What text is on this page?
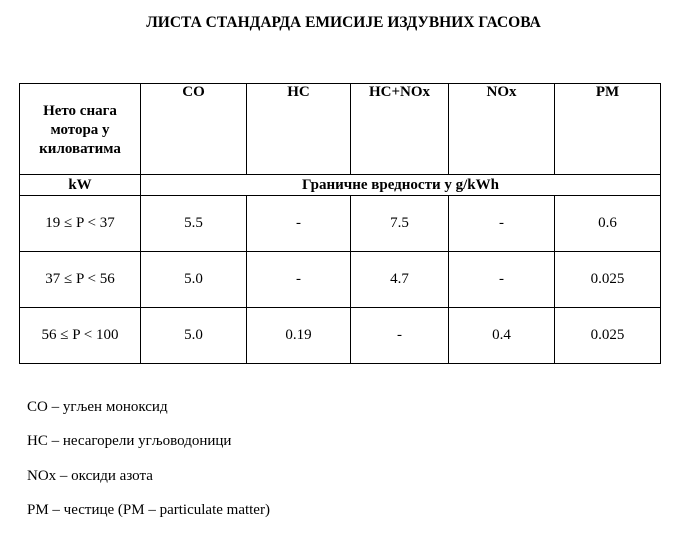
ЛИСТА СТАНДАРДА ЕМИСИЈЕ ИЗДУВНИХ ГАСОВА
Нето снага
мотора у
киловатима	CO	HC	HC+NOx	NOx	PM
kW	Граничне вредности у g/kWh				
19 ≤ P < 37	5.5	-	7.5	-	0.6
37 ≤ P < 56	5.0	-	4.7	-	0.025
56 ≤ P < 100	5.0	0.19	-	0.4	0.025
CO – угљен моноксид
HC – несагорели угљоводоници
NOx – оксиди азота
PM – честице (PM – particulate matter)
